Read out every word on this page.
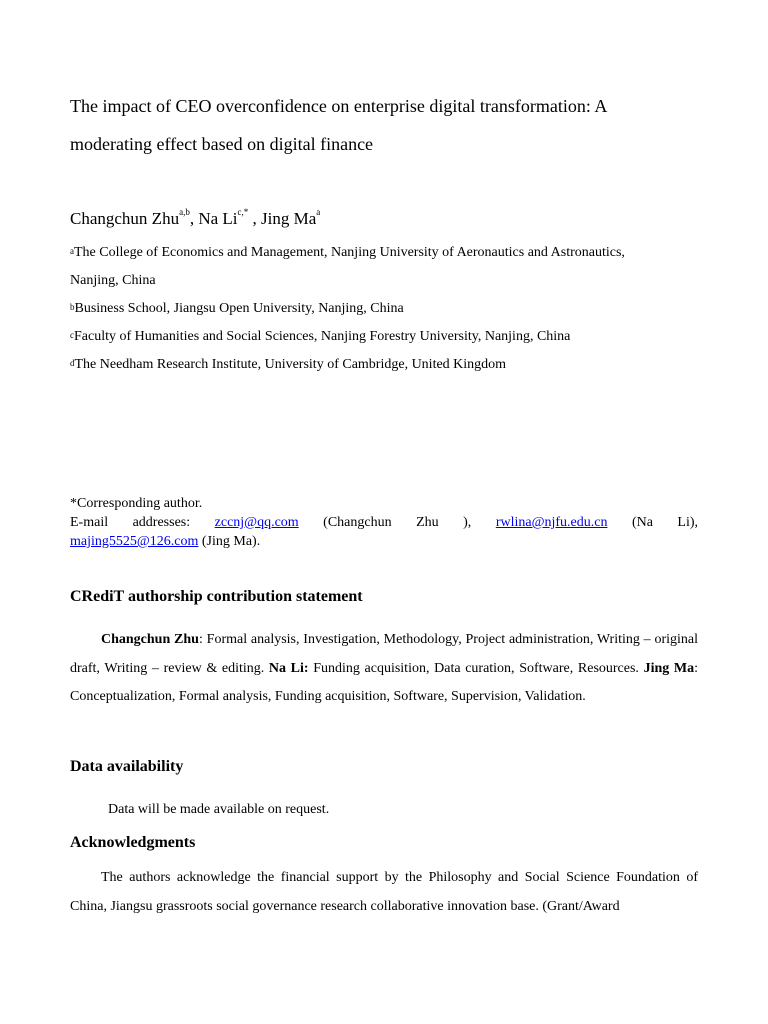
The impact of CEO overconfidence on enterprise digital transformation: A
moderating effect based on digital finance
Changchun Zhu$^{a,b}$, Na $Li^{c,*}$ , Jing Ma$^a$
$^a$The College of Economics and Management, Nanjing University of Aeronautics and Astronautics,
Nanjing, China
$^b$Business School, Jiangsu Open University, Nanjing, China
$^c$Faculty of Humanities and Social Sciences, Nanjing Forestry University, Nanjing, China
$^d$The Needham Research Institute, University of Cambridge, United Kingdom
*Corresponding author.
E-mail addresses: zccnj@qq.com (Changchun Zhu ), rwlina@njfu.edu.cn (Na Li),
majing5525@126.com (Jing Ma).
CRediT authorship contribution statement
Changchun Zhu: Formal analysis, Investigation, Methodology, Project administration, Writing – original draft, Writing – review & editing. Na Li: Funding acquisition, Data curation, Software, Resources. Jing Ma: Conceptualization, Formal analysis, Funding acquisition, Software, Supervision, Validation.
Data availability
Data will be made available on request.
Acknowledgments
The authors acknowledge the financial support by the Philosophy and Social Science Foundation of China, Jiangsu grassroots social governance research collaborative innovation base. (Grant/Award
